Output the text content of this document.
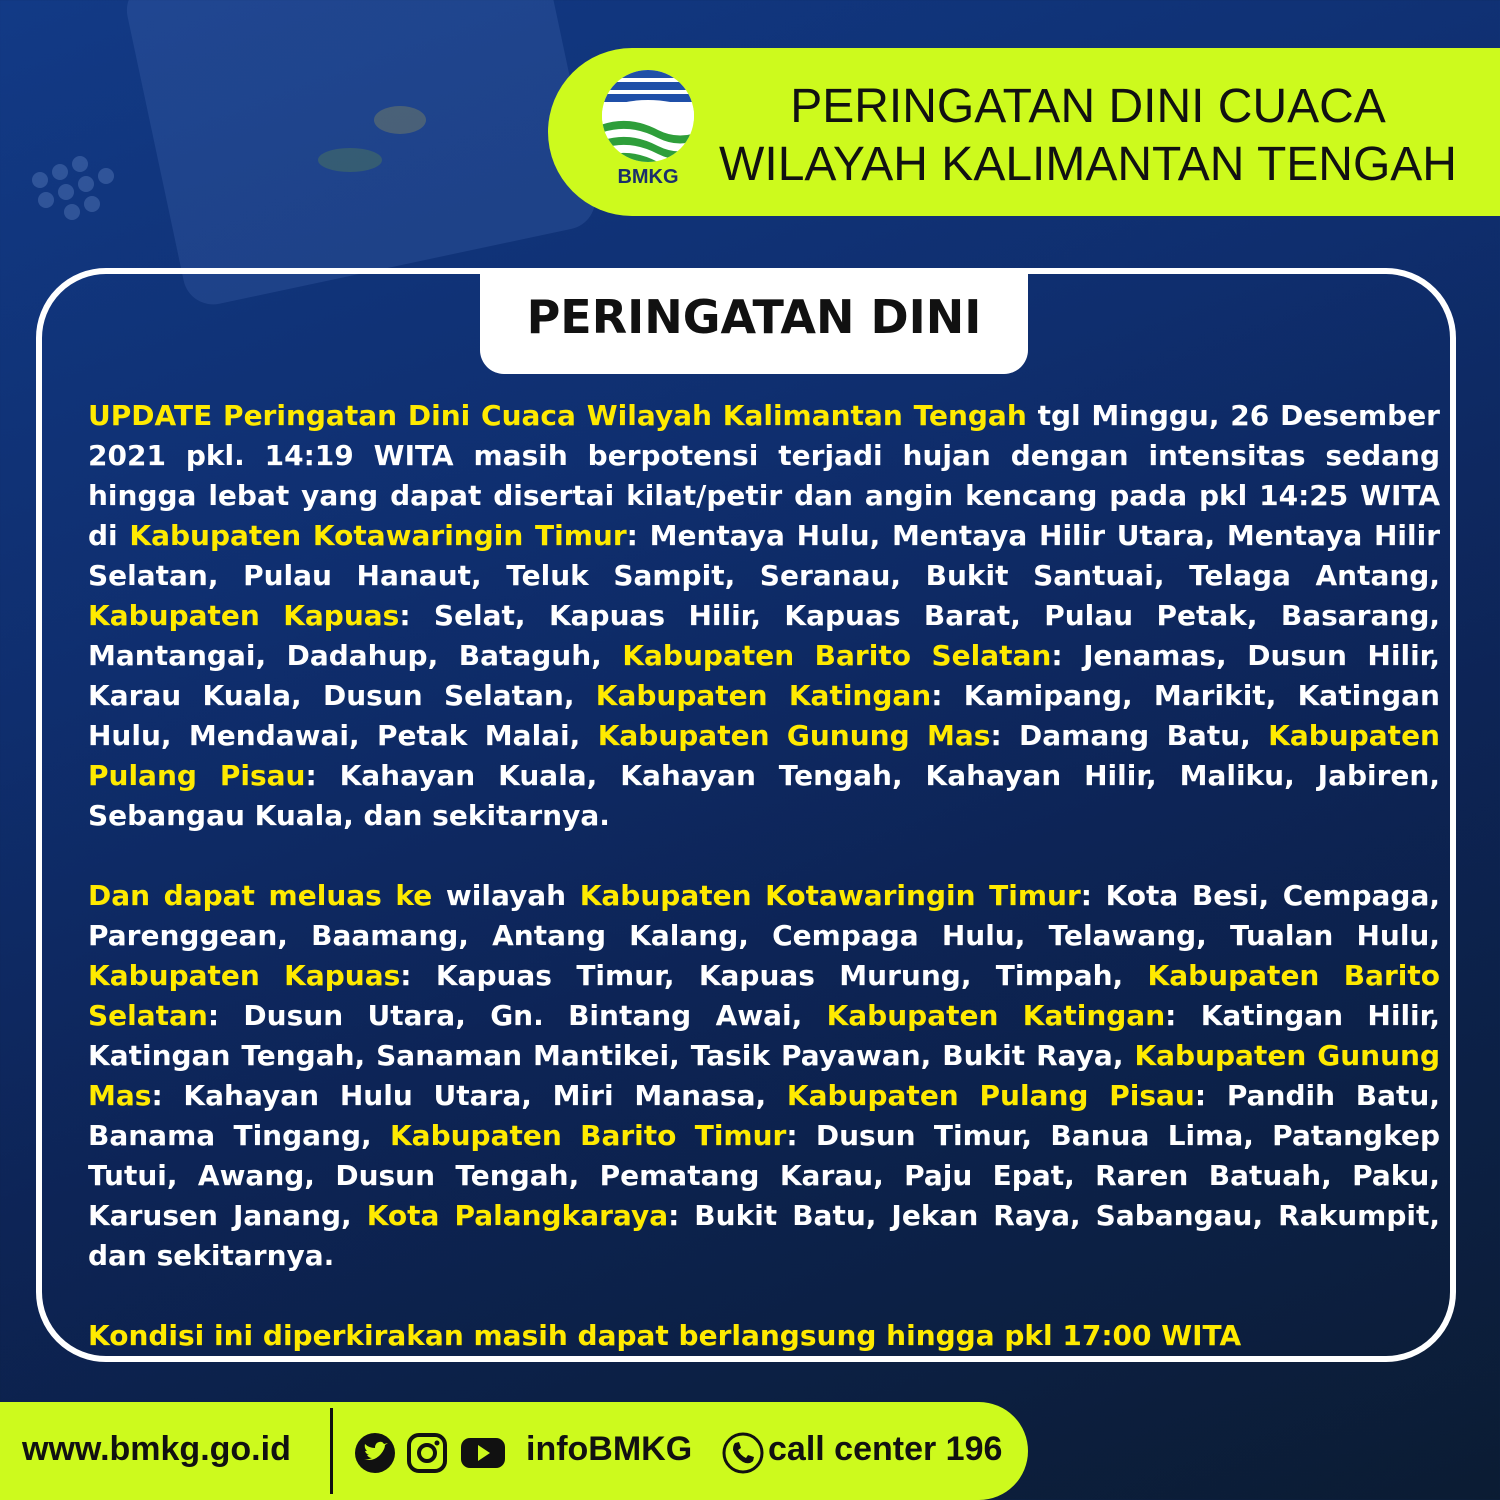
BMKG
PERINGATAN DINI CUACA
WILAYAH KALIMANTAN TENGAH
PERINGATAN DINI

UPDATE Peringatan Dini Cuaca Wilayah Kalimantan Tengah tgl Minggu, 26 Desember 2021 pkl. 14:19 WITA masih berpotensi terjadi hujan dengan intensitas sedang hingga lebat yang dapat disertai kilat/petir dan angin kencang pada pkl 14:25 WITA di Kabupaten Kotawaringin Timur: Mentaya Hulu, Mentaya Hilir Utara, Mentaya Hilir Selatan, Pulau Hanaut, Teluk Sampit, Seranau, Bukit Santuai, Telaga Antang, Kabupaten Kapuas: Selat, Kapuas Hilir, Kapuas Barat, Pulau Petak, Basarang, Mantangai, Dadahup, Bataguh, Kabupaten Barito Selatan: Jenamas, Dusun Hilir, Karau Kuala, Dusun Selatan, Kabupaten Katingan: Kamipang, Marikit, Katingan Hulu, Mendawai, Petak Malai, Kabupaten Gunung Mas: Damang Batu, Kabupaten Pulang Pisau: Kahayan Kuala, Kahayan Tengah, Kahayan Hilir, Maliku, Jabiren, Sebangau Kuala, dan sekitarnya.

Dan dapat meluas ke wilayah Kabupaten Kotawaringin Timur: Kota Besi, Cempaga, Parenggean, Baamang, Antang Kalang, Cempaga Hulu, Telawang, Tualan Hulu, Kabupaten Kapuas: Kapuas Timur, Kapuas Murung, Timpah, Kabupaten Barito Selatan: Dusun Utara, Gn. Bintang Awai, Kabupaten Katingan: Katingan Hilir, Katingan Tengah, Sanaman Mantikei, Tasik Payawan, Bukit Raya, Kabupaten Gunung Mas: Kahayan Hulu Utara, Miri Manasa, Kabupaten Pulang Pisau: Pandih Batu, Banama Tingang, Kabupaten Barito Timur: Dusun Timur, Banua Lima, Patangkep Tutui, Awang, Dusun Tengah, Pematang Karau, Paju Epat, Raren Batuah, Paku, Karusen Janang, Kota Palangkaraya: Bukit Batu, Jekan Raya, Sabangau, Rakumpit, dan sekitarnya.

Kondisi ini diperkirakan masih dapat berlangsung hingga pkl 17:00 WITA

www.bmkg.go.id	infoBMKG call center 196
